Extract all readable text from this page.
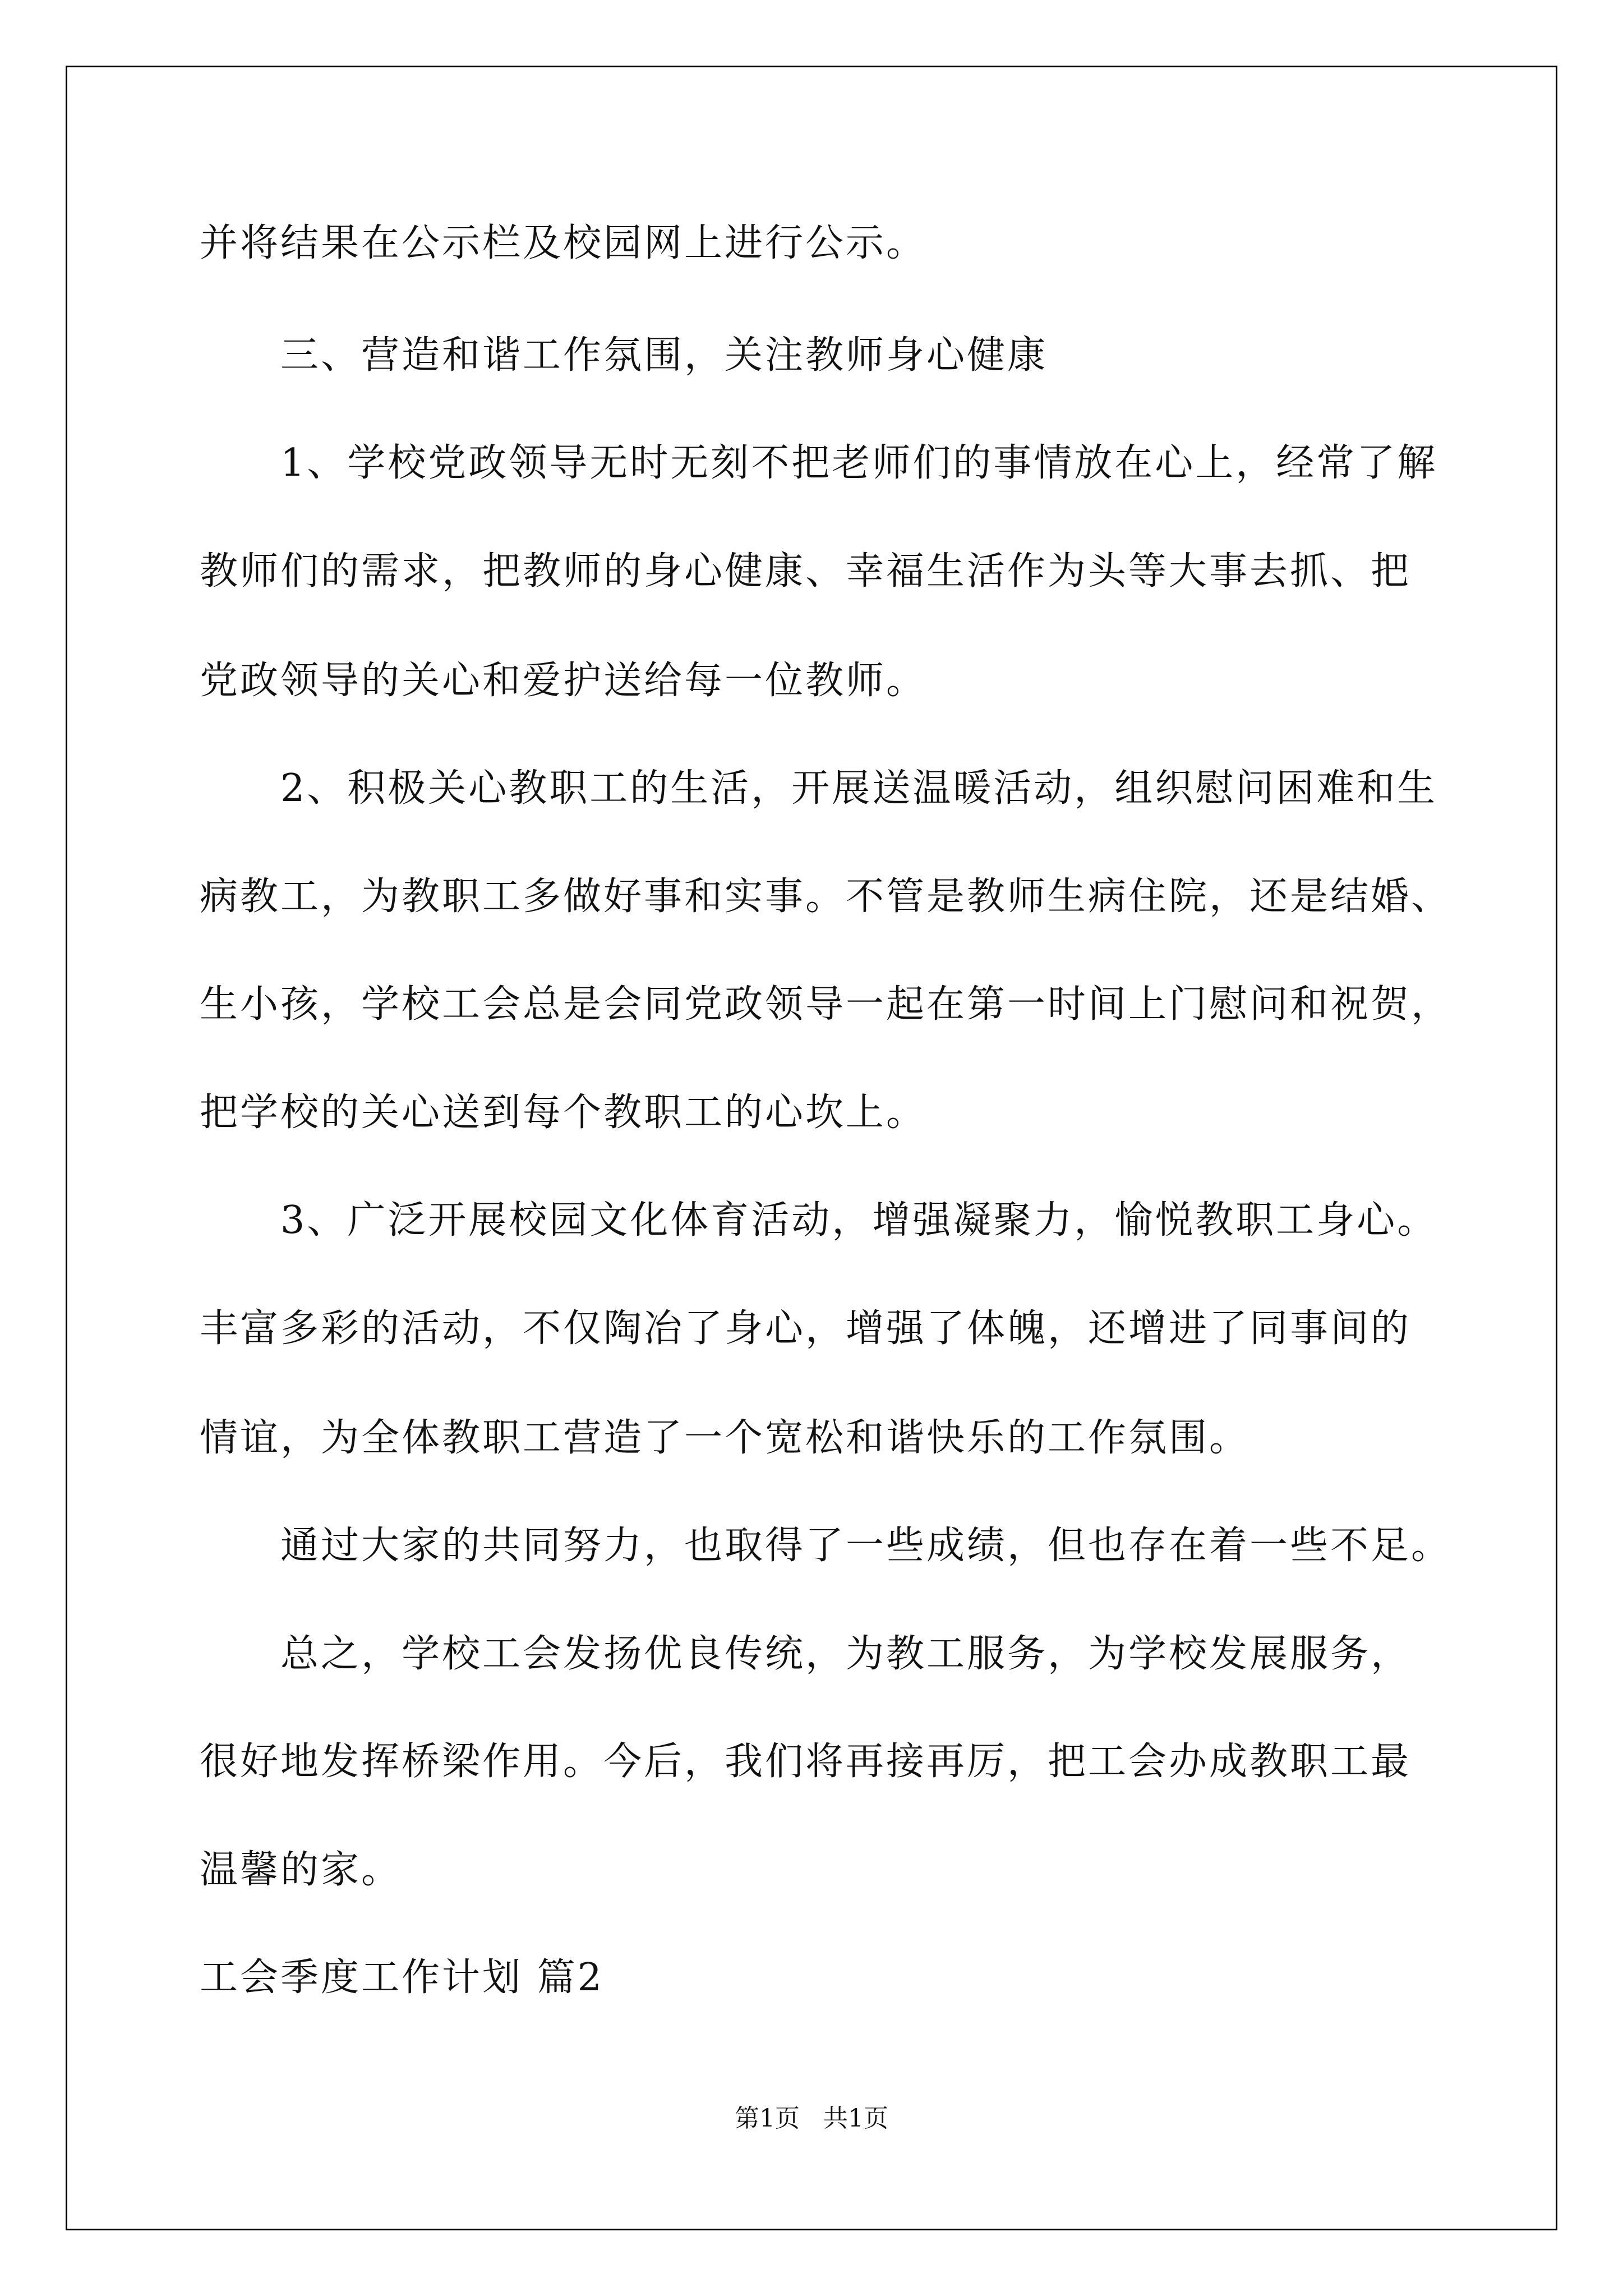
并将结果在公示栏及校园网上进行公示。
三、营造和谐工作氛围，关注教师身心健康
1、学校党政领导无时无刻不把老师们的事情放在心上，经常了解
教师们的需求，把教师的身心健康、幸福生活作为头等大事去抓、把
党政领导的关心和爱护送给每一位教师。
2、积极关心教职工的生活，开展送温暖活动，组织慰问困难和生
病教工，为教职工多做好事和实事。不管是教师生病住院，还是结婚、
生小孩，学校工会总是会同党政领导一起在第一时间上门慰问和祝贺，
把学校的关心送到每个教职工的心坎上。
3、广泛开展校园文化体育活动，增强凝聚力，愉悦教职工身心。
丰富多彩的活动，不仅陶冶了身心，增强了体魄，还增进了同事间的
情谊，为全体教职工营造了一个宽松和谐快乐的工作氛围。
通过大家的共同努力，也取得了一些成绩，但也存在着一些不足。
总之，学校工会发扬优良传统，为教工服务，为学校发展服务，
很好地发挥桥梁作用。今后，我们将再接再厉，把工会办成教职工最
温馨的家。
工会季度工作计划 篇2
第1页   共1页
